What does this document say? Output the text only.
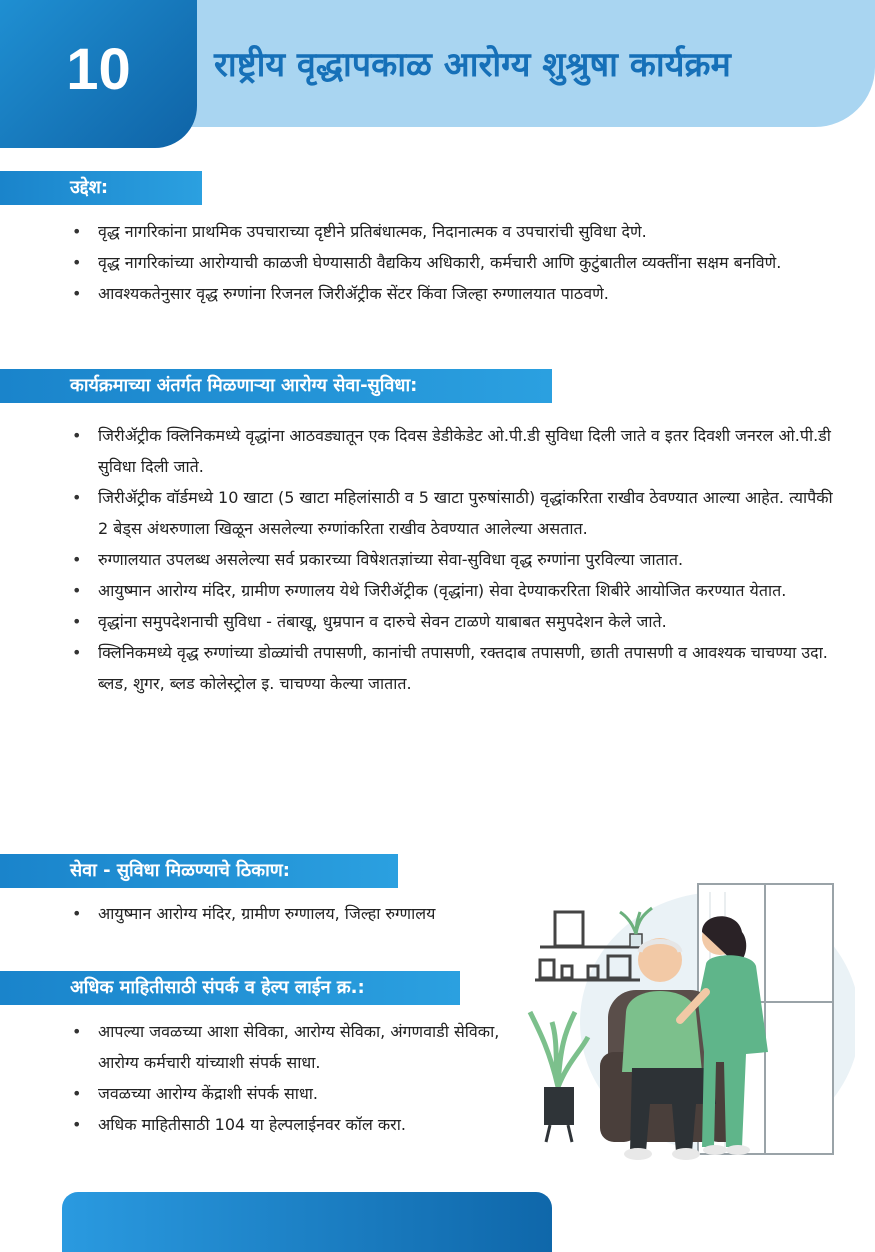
10	राष्ट्रीय वृद्धापकाळ आरोग्य शुश्रुषा कार्यक्रम
उद्देश:
• वृद्ध नागरिकांना प्राथमिक उपचाराच्या दृष्टीने प्रतिबंधात्मक, निदानात्मक व उपचारांची सुविधा देणे.
• वृद्ध नागरिकांच्या आरोग्याची काळजी घेण्यासाठी वैद्यकिय अधिकारी, कर्मचारी आणि कुटुंबातील व्यक्तींना सक्षम बनविणे.
• आवश्यकतेनुसार वृद्ध रुग्णांना रिजनल जिरीॲट्रीक सेंटर किंवा जिल्हा रुग्णालयात पाठवणे.
कार्यक्रमाच्या अंतर्गत मिळणाऱ्या आरोग्य सेवा-सुविधा:
• जिरीॲट्रीक क्लिनिकमध्ये वृद्धांना आठवड्यातून एक दिवस डेडीकेडेट ओ.पी.डी सुविधा दिली जाते व इतर दिवशी जनरल ओ.पी.डी सुविधा दिली जाते.
• जिरीॲट्रीक वॉर्डमध्ये 10 खाटा (5 खाटा महिलांसाठी व 5 खाटा पुरुषांसाठी) वृद्धांकरिता राखीव ठेवण्यात आल्या आहेत. त्यापैकी 2 बेड्स अंथरुणाला खिळून असलेल्या रुग्णांकरिता राखीव ठेवण्यात आलेल्या असतात.
• रुग्णालयात उपलब्ध असलेल्या सर्व प्रकारच्या विषेशतज्ञांच्या सेवा-सुविधा वृद्ध रुग्णांना पुरविल्या जातात.
• आयुष्मान आरोग्य मंदिर, ग्रामीण रुग्णालय येथे जिरीॲट्रीक (वृद्धांना) सेवा देण्याकररिता शिबीरे आयोजित करण्यात येतात.
• वृद्धांना समुपदेशनाची सुविधा - तंबाखू, धुम्रपान व दारुचे सेवन टाळणे याबाबत समुपदेशन केले जाते.
• क्लिनिकमध्ये वृद्ध रुग्णांच्या डोळ्यांची तपासणी, कानांची तपासणी, रक्तदाब तपासणी, छाती तपासणी व आवश्यक चाचण्या उदा. ब्लड, शुगर, ब्लड कोलेस्ट्रोल इ. चाचण्या केल्या जातात.
सेवा - सुविधा मिळण्याचे ठिकाण:
• आयुष्मान आरोग्य मंदिर, ग्रामीण रुग्णालय, जिल्हा रुग्णालय
अधिक माहितीसाठी संपर्क व हेल्प लाईन क्र.:
• आपल्या जवळच्या आशा सेविका, आरोग्य सेविका, अंगणवाडी सेविका, आरोग्य कर्मचारी यांच्याशी संपर्क साधा.
• जवळच्या आरोग्य केंद्राशी संपर्क साधा.
• अधिक माहितीसाठी 104 या हेल्पलाईनवर कॉल करा.
